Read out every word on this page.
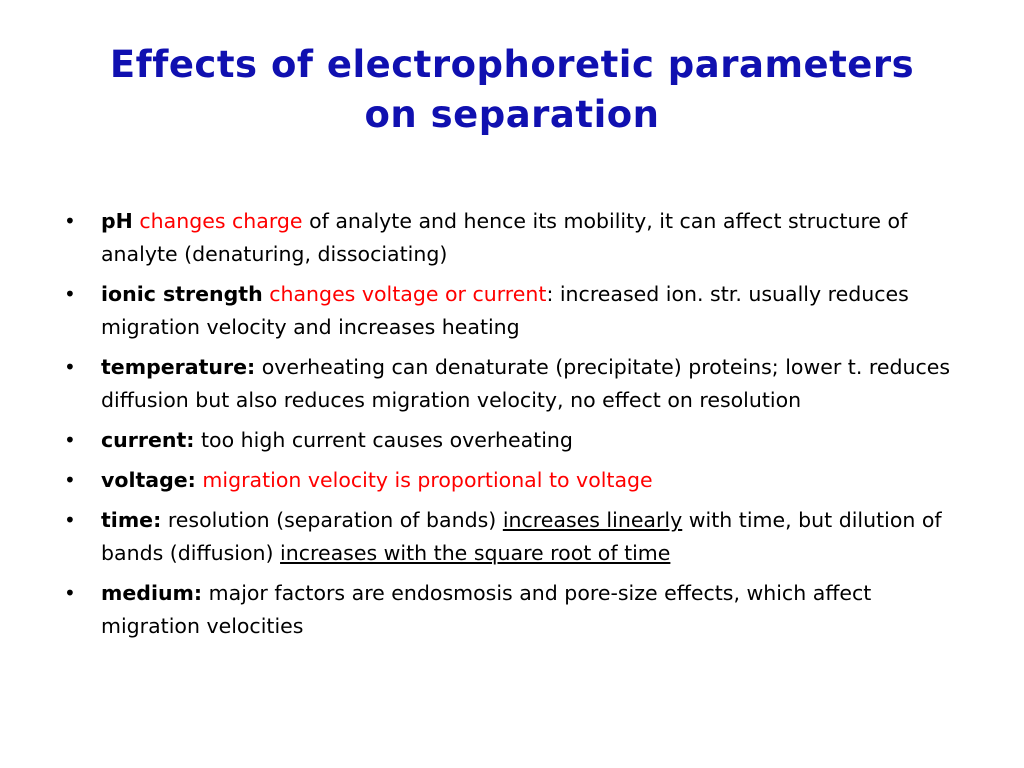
Effects of electrophoretic parameters
on separation
•	pH changes charge of analyte and hence its mobility, it can affect structure of analyte (denaturing, dissociating)
•	ionic strength changes voltage or current: increased ion. str. usually reduces migration velocity and increases heating
•	temperature: overheating can denaturate (precipitate) proteins; lower t. reduces diffusion but also reduces migration velocity, no effect on resolution
•	current: too high current causes overheating
•	voltage: migration velocity is proportional to voltage
•	time: resolution (separation of bands) increases linearly with time, but dilution of bands (diffusion) increases with the square root of time
•	medium: major factors are endosmosis and pore-size effects, which affect migration velocities
